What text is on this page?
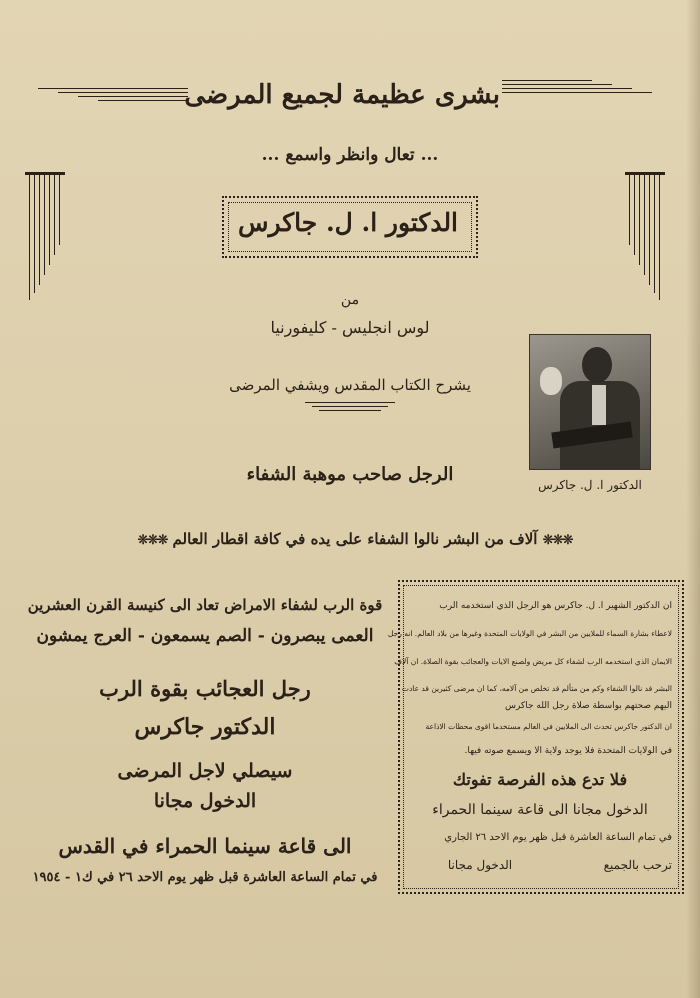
بشرى عظيمة لجميع المرضى
... تعال وانظر واسمع ...
الدكتور ا. ل. جاكرس
من
لوس انجليس - كليفورنيا
يشرح الكتاب المقدس ويشفي المرضى
الدكتور ا. ل. جاكرس
الرجل صاحب موهبة الشفاء
❊❊❊ آلاف من البشر نالوا الشفاء على يده في كافة اقطار العالم ❊❊❊
قوة الرب لشفاء الامراض تعاد الى كنيسة القرن العشرين
العمى يبصرون - الصم يسمعون - العرج يمشون
رجل العجائب بقوة الرب
الدكتور جاكرس
سيصلي لاجل المرضى
الدخول مجانا
الى قاعة سينما الحمراء في القدس
في تمام الساعة العاشرة قبل ظهر يوم الاحد ٢٦ في ك١ - ١٩٥٤
ان الدكتور الشهير ا. ل. جاكرس هو الرجل الذي استخدمه الرب
لاعطاء بشارة السماء للملايين من البشر في الولايات المتحدة وغيرها من بلاد العالم. انه رجل
الايمان الذي استخدمه الرب لشفاء كل مريض ولصنع الايات والعجائب بقوة الصلاة. ان آلاف
البشر قد نالوا الشفاء وكم من متألم قد تخلص من آلامه، كما ان مرضى كثيرين قد عادت
اليهم صحتهم بواسطة صلاة رجل الله جاكرس
ان الدكتور جاكرس تحدث الى الملايين في العالم مستخدما اقوى محطات الاذاعة
في الولايات المتحدة فلا يوجد ولاية الا ويسمع صوته فيها.
فلا تدع هذه الفرصة تفوتك
الدخول مجانا الى قاعة سينما الحمراء
في تمام الساعة العاشرة قبل ظهر يوم الاحد ٢٦ الجاري
ترحب بالجميع
الدخول مجانا
